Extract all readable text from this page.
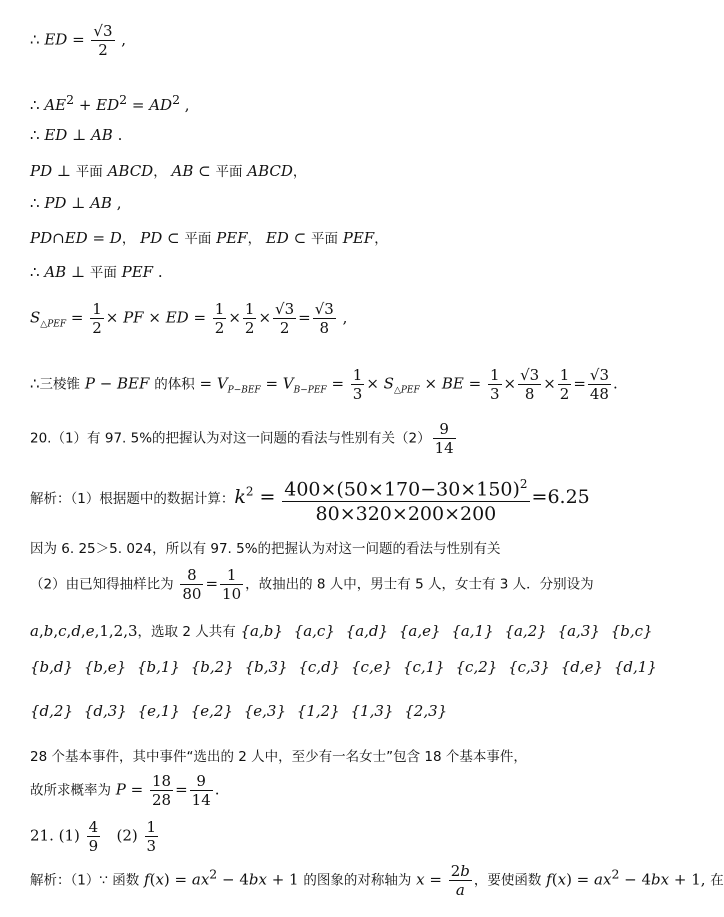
∴ ED = $\frac{√3}{2}$ ,
∴ $AE^2 + ED^2 = AD^2$ ,
∴ ED ⊥ AB .
PD ⊥ 平面 ABCD， AB ⊂ 平面 ABCD，
∴ PD ⊥ AB ,
PD∩ED = D， PD ⊂ 平面 PEF， ED ⊂ 平面 PEF，
∴ AB ⊥ 平面 PEF .
$S_{\triangle PEF} = \frac{1}{2}$ × PF × ED = $\frac{1}{2} \times \frac{1}{2} \times \frac{√3}{2} = \frac{√3}{8}$ ,
∴三棱锥 P − BEF 的体积 = $V_{P-BEF} = V_{B-PEF} = \frac{1}{3} \times S_{\triangle PEF}$ × BE = $\frac{1}{3} \times \frac{√3}{8} \times \frac{1}{2} = \frac{√3}{48}$ .
20.（1）有 97. 5%的把握认为对这一问题的看法与性别有关$(2) \frac{9}{14}$
解析：（1）根据题中的数据计算：$k^2 = \frac{400\times(50\times 170-30\times 150)^2}{80\times 320\times 200\times 200} =6.25$
因为 6. 25＞5. 024，所以有 97. 5%的把握认为对这一问题的看法与性别有关
（2）由已知得抽样比为 $\frac{8}{80} = \frac{1}{10}$ ，故抽出的 8 人中，男士有 5 人，女士有 3 人．分别设为
a,b,c,d,e,1,2,3，选取 2 人共有 {a,b} {a,c} {a,d} {a,e} {a,1} {a,2} {a,3} {b,c}
{b,d} {b,e} {b,1} {b,2} {b,3} {c,d} {c,e} {c,1} {c,2} {c,3} {d,e} {d,1}
{d,2} {d,3} {e,1} {e,2} {e,3} {1,2} {1,3} {2,3}
28 个基本事件，其中事件“选出的 2 人中，至少有一名女士”包含 18 个基本事件，
故所求概率为 $P = \frac{18}{28} = \frac{9}{14}$ .
21. $(1) \frac{4}{9} (2) \frac{1}{3}$
解析：（1）∵ 函数 $f(x) = ax^2 - 4bx + 1$ 的图象的对称轴为 $x = \frac{2b}{a}$ ，要使函数 $f(x) = ax^2 - 4bx + 1$, 在
